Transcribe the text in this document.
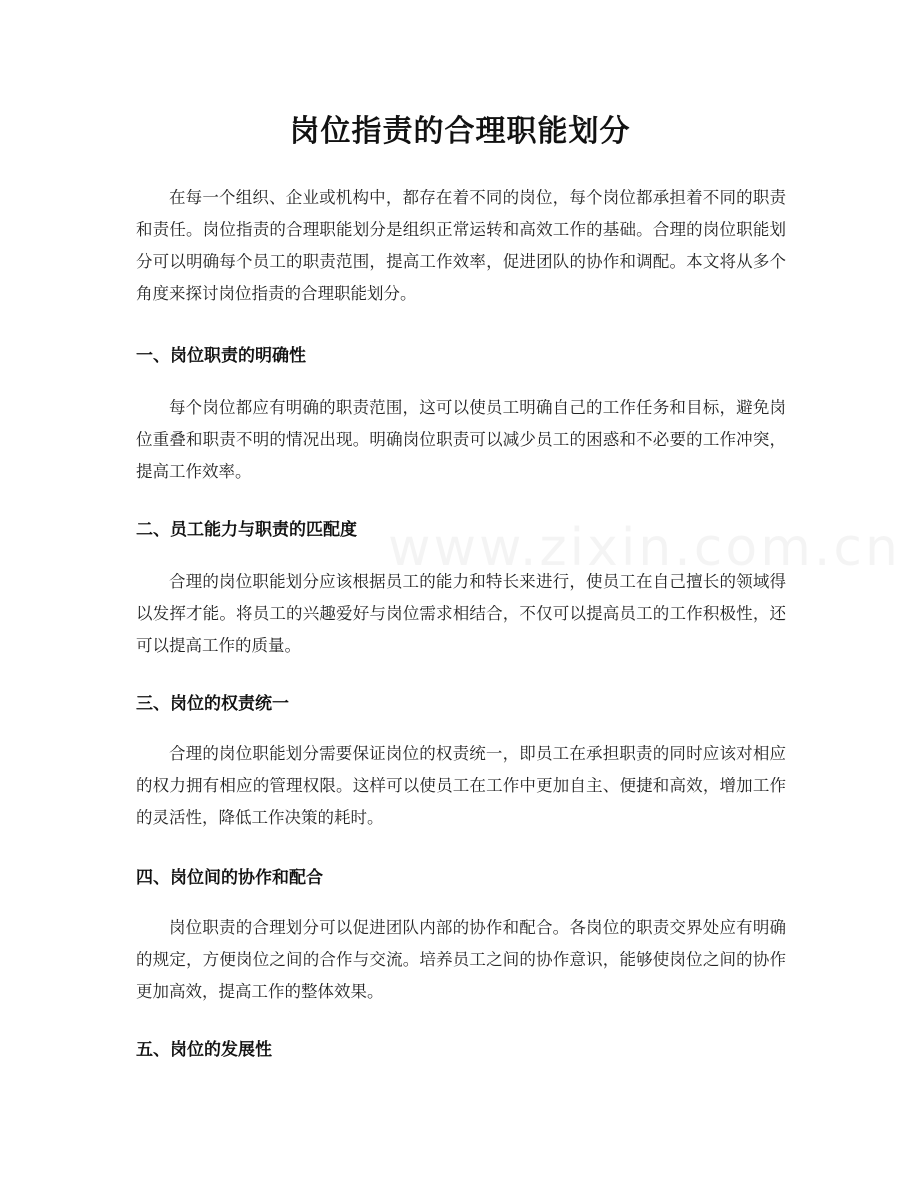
岗位指责的合理职能划分

在每一个组织、企业或机构中，都存在着不同的岗位，每个岗位都承担着不同的职责和责任。岗位指责的合理职能划分是组织正常运转和高效工作的基础。合理的岗位职能划分可以明确每个员工的职责范围，提高工作效率，促进团队的协作和调配。本文将从多个角度来探讨岗位指责的合理职能划分。

一、岗位职责的明确性

每个岗位都应有明确的职责范围，这可以使员工明确自己的工作任务和目标，避免岗位重叠和职责不明的情况出现。明确岗位职责可以减少员工的困惑和不必要的工作冲突，提高工作效率。

二、员工能力与职责的匹配度

合理的岗位职能划分应该根据员工的能力和特长来进行，使员工在自己擅长的领域得以发挥才能。将员工的兴趣爱好与岗位需求相结合，不仅可以提高员工的工作积极性，还可以提高工作的质量。

三、岗位的权责统一

合理的岗位职能划分需要保证岗位的权责统一，即员工在承担职责的同时应该对相应的权力拥有相应的管理权限。这样可以使员工在工作中更加自主、便捷和高效，增加工作的灵活性，降低工作决策的耗时。

四、岗位间的协作和配合

岗位职责的合理划分可以促进团队内部的协作和配合。各岗位的职责交界处应有明确的规定，方便岗位之间的合作与交流。培养员工之间的协作意识，能够使岗位之间的协作更加高效，提高工作的整体效果。

五、岗位的发展性
